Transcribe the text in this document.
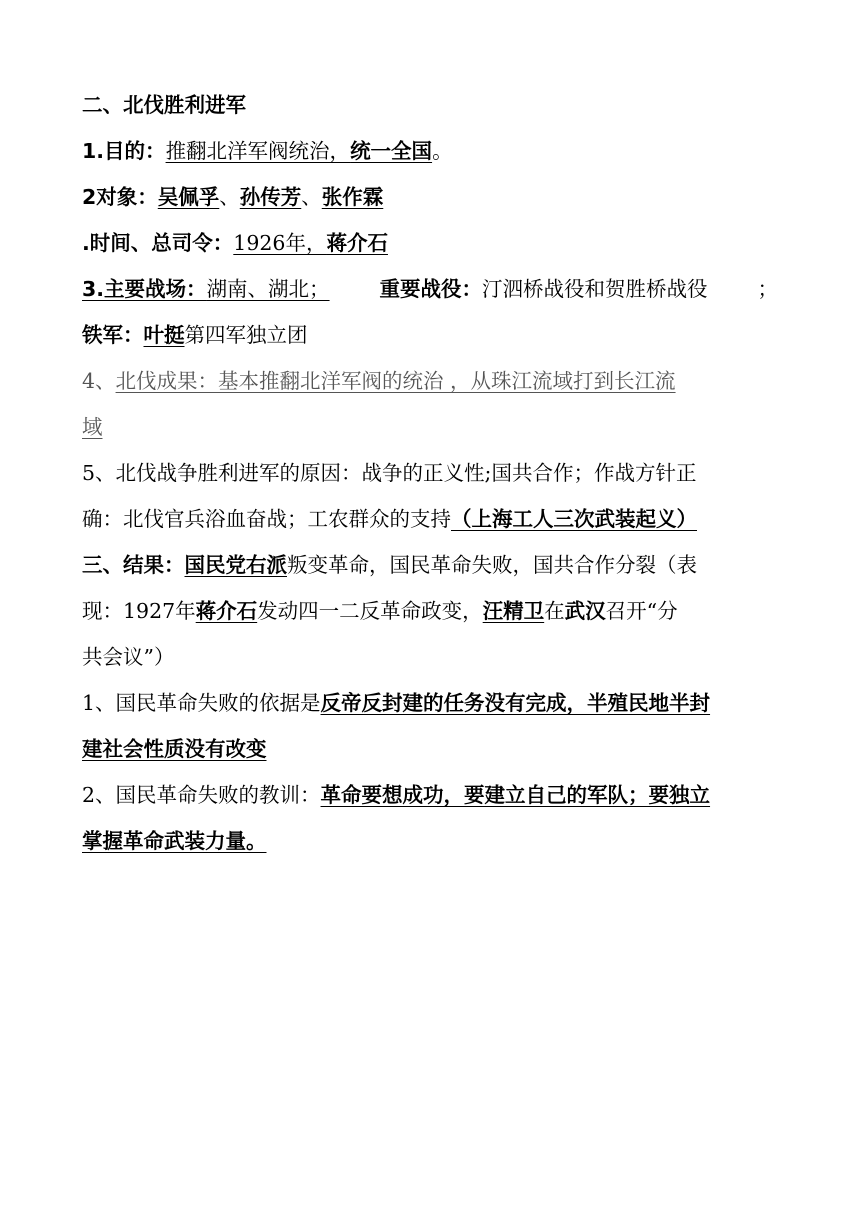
二、北伐胜利进军
1.目的：推翻北洋军阀统治，统一全国。
2对象：吴佩孚、孙传芳、张作霖
.时间、总司令：1926年，蒋介石
3.主要战场：湖南、湖北； 重要战役：汀泗桥战役和贺胜桥战役 ；
铁军：叶挺第四军独立团
4、北伐成果：基本推翻北洋军阀的统治 ，从珠江流域打到长江流
域
5、北伐战争胜利进军的原因：战争的正义性;国共合作；作战方针正
确：北伐官兵浴血奋战；工农群众的支持（上海工人三次武装起义）
三、结果：国民党右派叛变革命，国民革命失败，国共合作分裂（表
现：1927年蒋介石发动四一二反革命政变，汪精卫在武汉召开“分
共会议”）
1、国民革命失败的依据是反帝反封建的任务没有完成，半殖民地半封
建社会性质没有改变
2、国民革命失败的教训：革命要想成功，要建立自己的军队；要独立
掌握革命武装力量。
